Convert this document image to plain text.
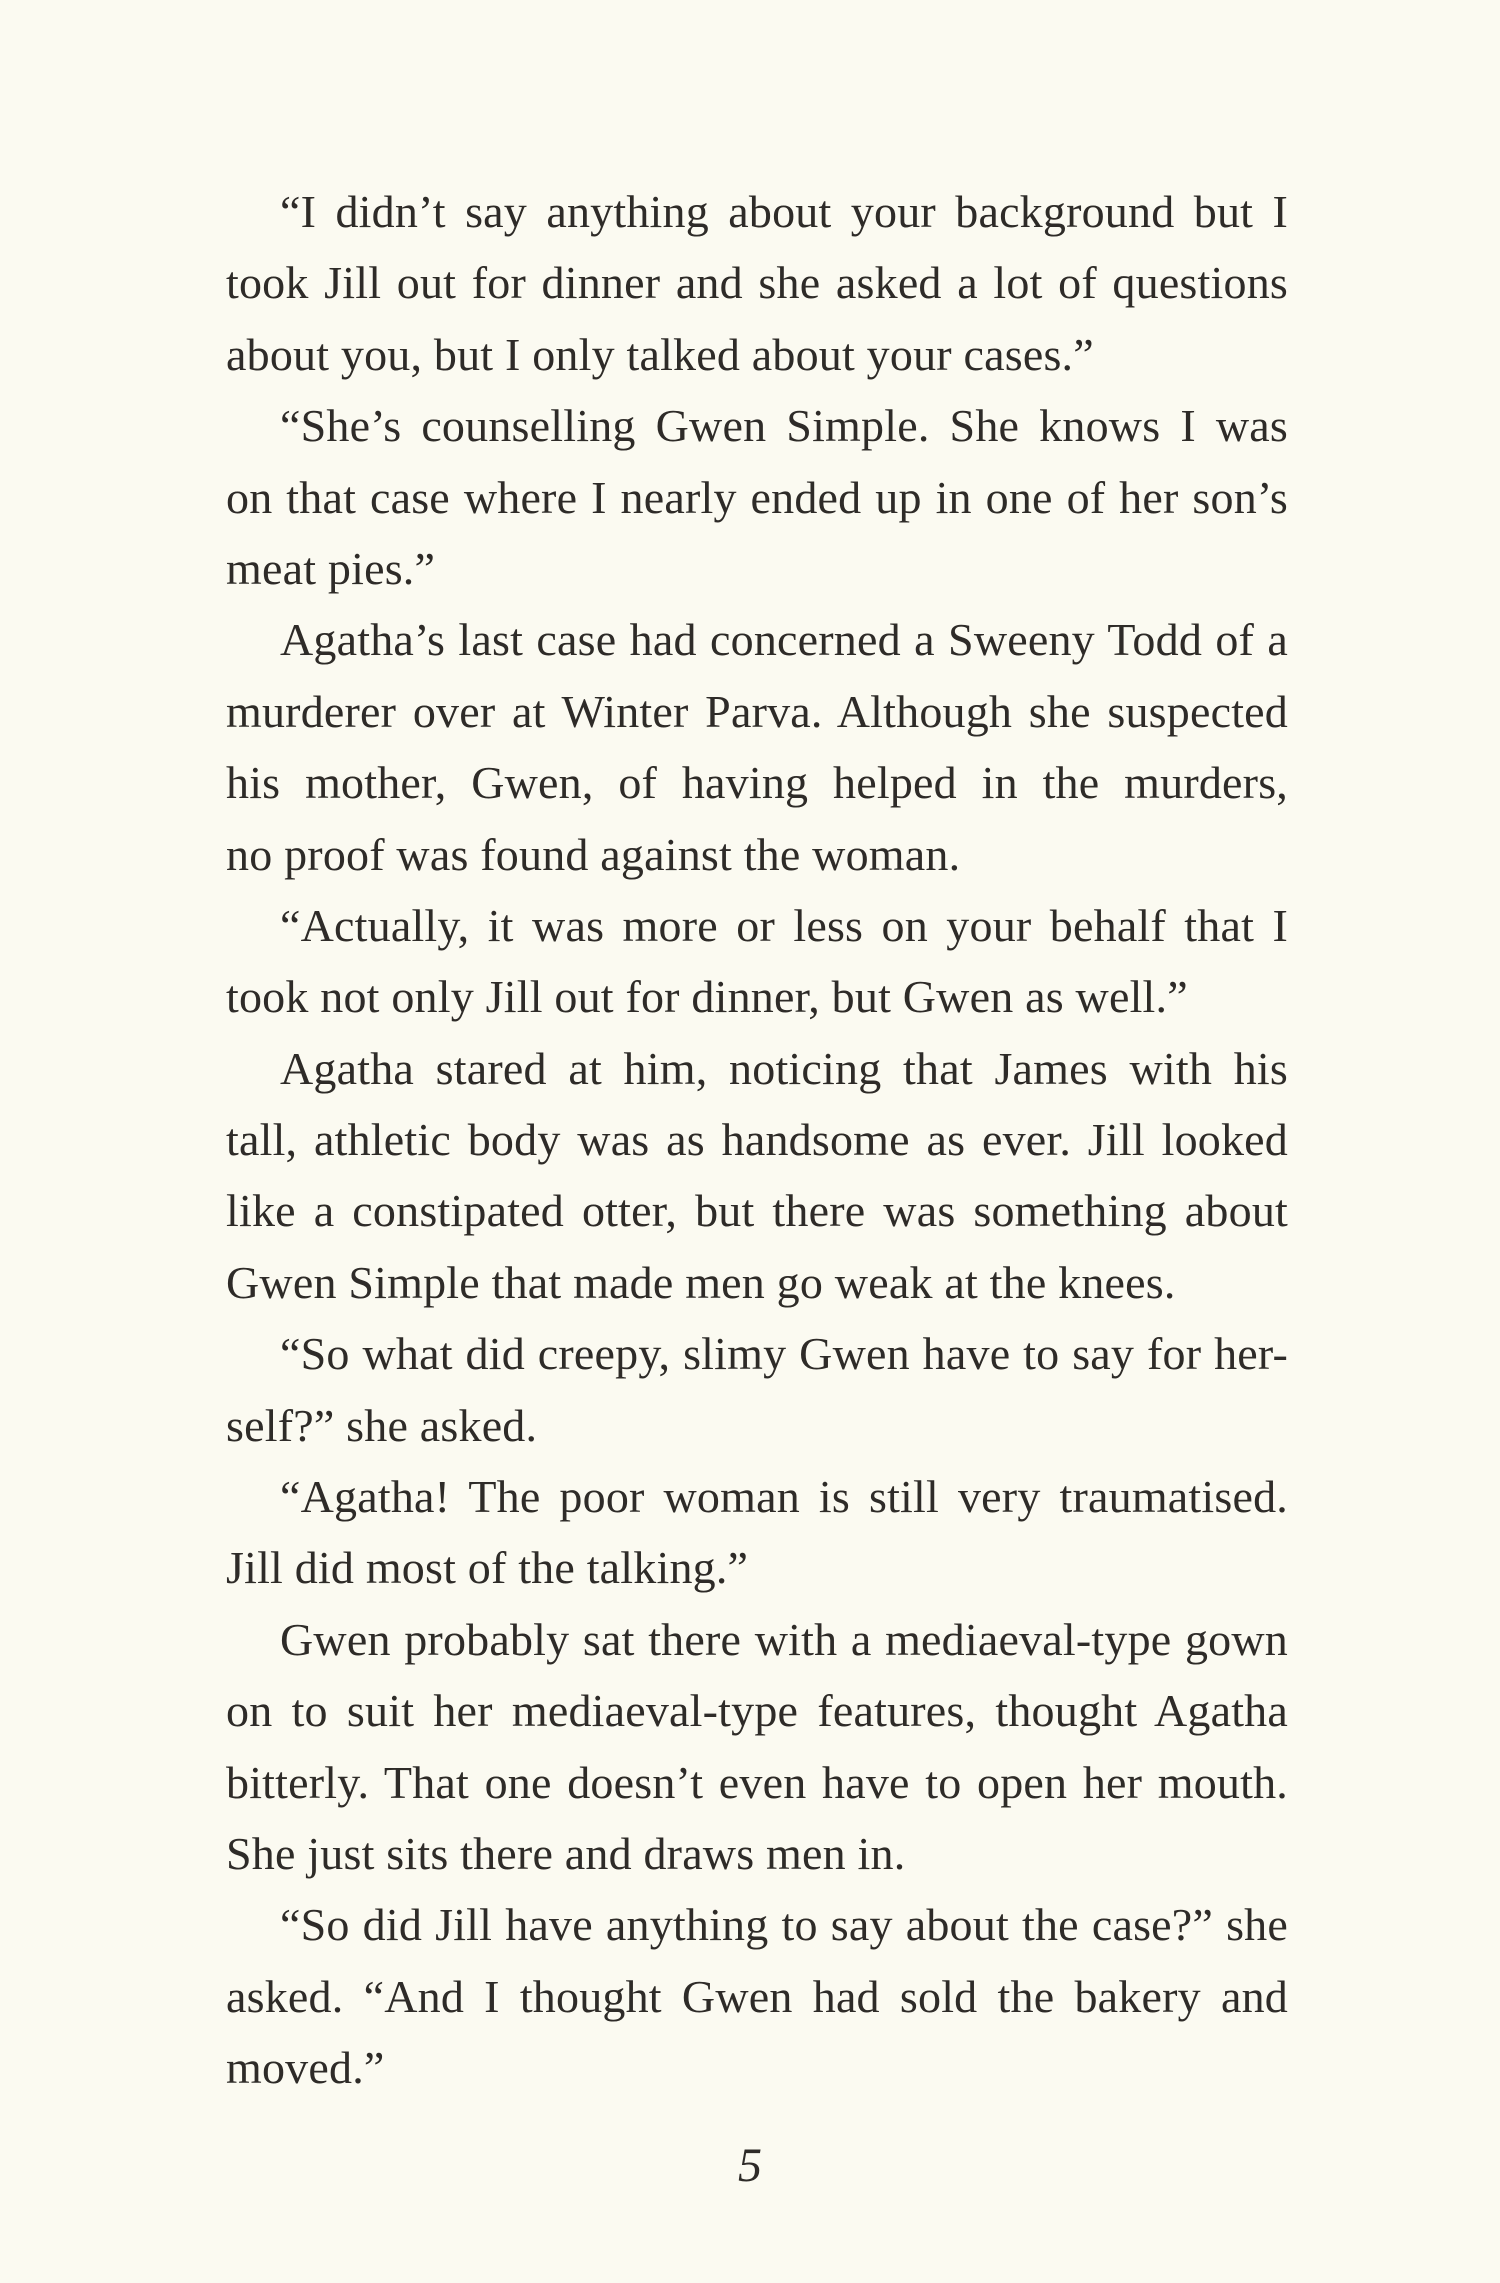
“I didn’t say anything about your background but I
took Jill out for dinner and she asked a lot of questions
about you, but I only talked about your cases.”
“She’s counselling Gwen Simple. She knows I was
on that case where I nearly ended up in one of her son’s
meat pies.”
Agatha’s last case had concerned a Sweeny Todd of a
murderer over at Winter Parva. Although she suspected
his mother, Gwen, of having helped in the murders,
no proof was found against the woman.
“Actually, it was more or less on your behalf that I
took not only Jill out for dinner, but Gwen as well.”
Agatha stared at him, noticing that James with his
tall, athletic body was as handsome as ever. Jill looked
like a constipated otter, but there was something about
Gwen Simple that made men go weak at the knees.
“So what did creepy, slimy Gwen have to say for her-
self?” she asked.
“Agatha! The poor woman is still very traumatised.
Jill did most of the talking.”
Gwen probably sat there with a mediaeval-type gown
on to suit her mediaeval-type features, thought Agatha
bitterly. That one doesn’t even have to open her mouth.
She just sits there and draws men in.
“So did Jill have anything to say about the case?” she
asked. “And I thought Gwen had sold the bakery and
moved.”
5
